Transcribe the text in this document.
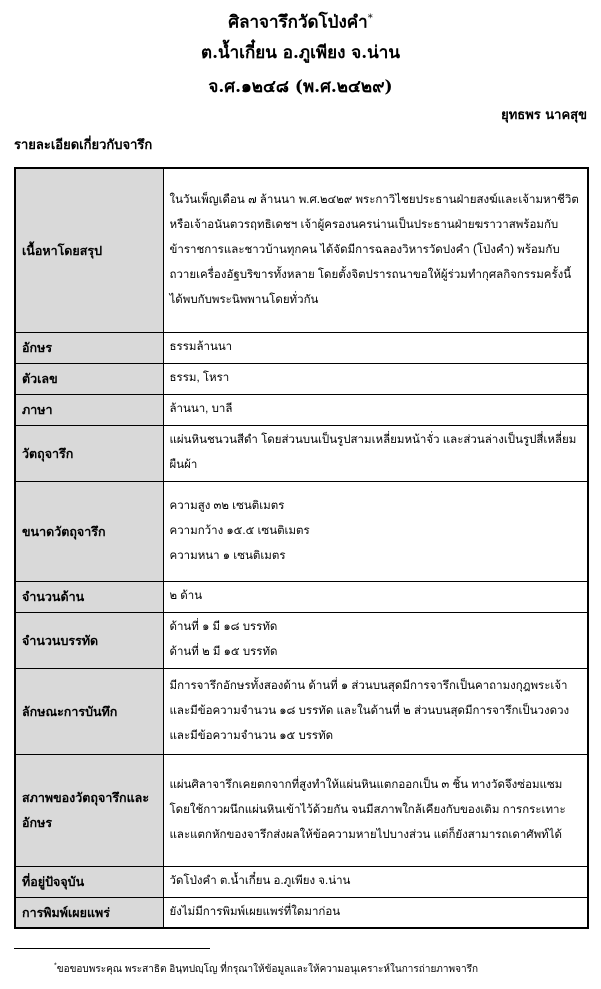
ศิลาจารึกวัดโป่งคำ*
ต.น้ำเกี๋ยน อ.ภูเพียง จ.น่าน
จ.ศ.๑๒๔๘ (พ.ศ.๒๔๒๙)
ยุทธพร นาคสุข
รายละเอียดเกี่ยวกับจารึก
เนื้อหาโดยสรุป	ในวันเพ็ญเดือน ๗ ล้านนา พ.ศ.๒๔๒๙ พระกาวิไชยประธานฝ่ายสงฆ์และเจ้ามหาชีวิตหรือเจ้าอนันตวรฤทธิเดชฯ เจ้าผู้ครองนครน่านเป็นประธานฝ่ายฆราวาสพร้อมกับข้าราชการและชาวบ้านทุกคน ได้จัดมีการฉลองวิหารวัดปงคำ (โป่งคำ) พร้อมกับถวายเครื่องอัฐบริขารทั้งหลาย โดยตั้งจิตปรารถนาขอให้ผู้ร่วมทำกุศลกิจกรรมครั้งนี้ได้พบกับพระนิพพานโดยทั่วกัน

อักษร	ธรรมล้านนา

ตัวเลข	ธรรม, โหรา

ภาษา	ล้านนา, บาลี

วัตถุจารึก	แผ่นหินชนวนสีดำ โดยส่วนบนเป็นรูปสามเหลี่ยมหน้าจั่ว และส่วนล่างเป็นรูปสี่เหลี่ยมผืนผ้า

ขนาดวัตถุจารึก	ความสูง ๓๒ เซนติเมตร
ความกว้าง ๑๕.๕ เซนติเมตร
ความหนา ๑ เซนติเมตร

จำนวนด้าน	๒ ด้าน

จำนวนบรรทัด	ด้านที่ ๑ มี ๑๘ บรรทัด
ด้านที่ ๒ มี ๑๕ บรรทัด

ลักษณะการบันทึก	มีการจารึกอักษรทั้งสองด้าน ด้านที่ ๑ ส่วนบนสุดมีการจารึกเป็นคาถามงกุฎพระเจ้าและมีข้อความจำนวน ๑๘ บรรทัด และในด้านที่ ๒ ส่วนบนสุดมีการจารึกเป็นวงดวงและมีข้อความจำนวน ๑๕ บรรทัด

สภาพของวัตถุจารึกและอักษร	แผ่นศิลาจารึกเคยตกจากที่สูงทำให้แผ่นหินแตกออกเป็น ๓ ชิ้น ทางวัดจึงซ่อมแซมโดยใช้กาวผนึกแผ่นหินเข้าไว้ด้วยกัน จนมีสภาพใกล้เคียงกับของเดิม การกระเทาะและแตกหักของจารึกส่งผลให้ข้อความหายไปบางส่วน แต่ก็ยังสามารถเดาศัพท์ได้

ที่อยู่ปัจจุบัน	วัดโป่งคำ ต.น้ำเกี๋ยน อ.ภูเพียง จ.น่าน

การพิมพ์เผยแพร่	ยังไม่มีการพิมพ์เผยแพร่ที่ใดมาก่อน
*ขอขอบพระคุณ พระสาธิต อินฺทปญฺโญ ที่กรุณาให้ข้อมูลและให้ความอนุเคราะห์ในการถ่ายภาพจารึก
